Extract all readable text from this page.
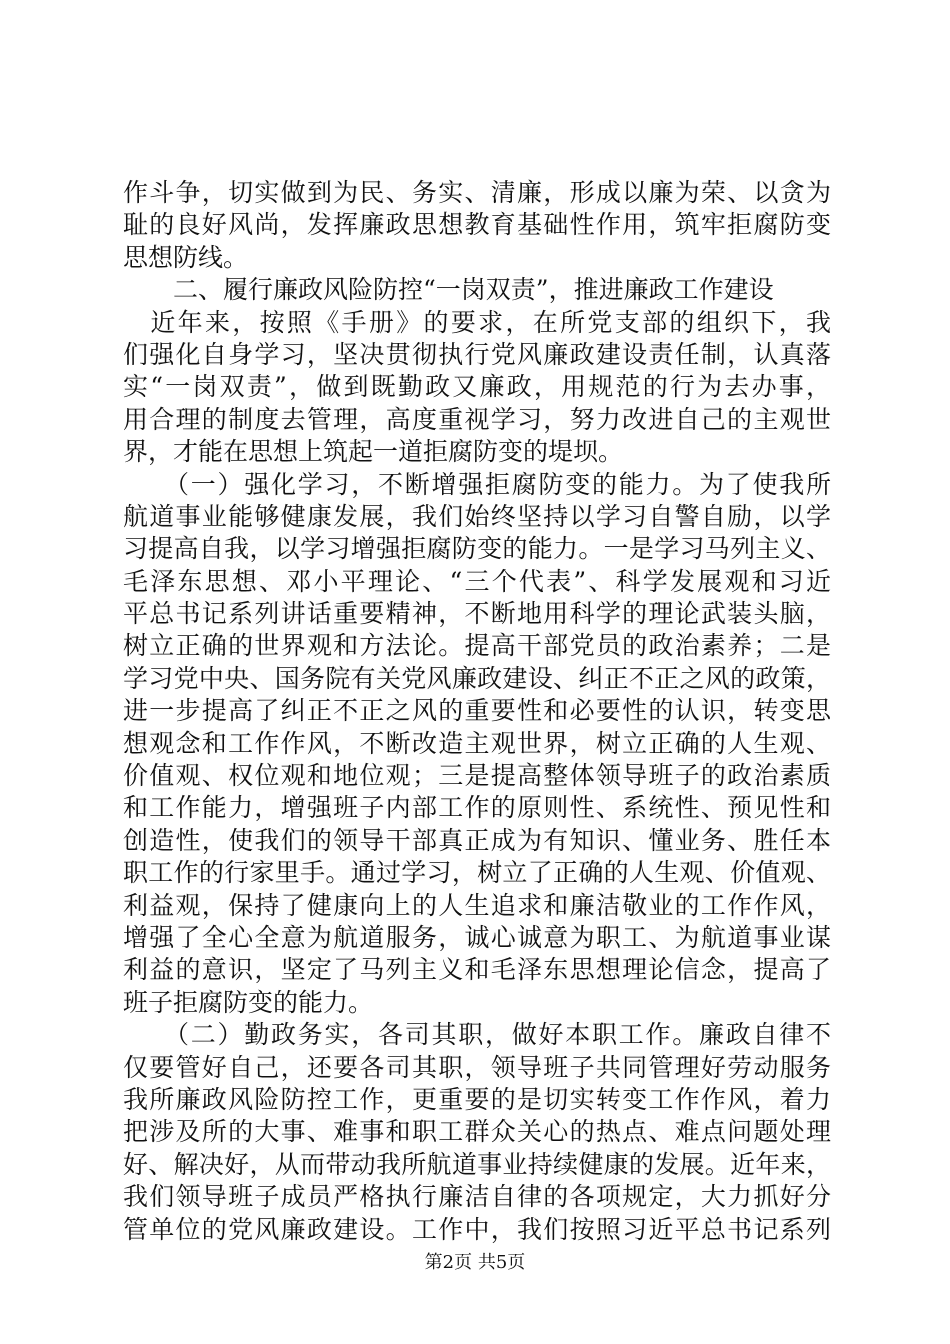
作斗争，切实做到为民、务实、清廉，形成以廉为荣、以贪为
耻的良好风尚，发挥廉政思想教育基础性作用，筑牢拒腐防变
思想防线。
　　二、履行廉政风险防控“一岗双责”，推进廉政工作建设
　近年来，按照《手册》的要求，在所党支部的组织下，我
们强化自身学习，坚决贯彻执行党风廉政建设责任制，认真落
实“一岗双责”，做到既勤政又廉政，用规范的行为去办事，
用合理的制度去管理，高度重视学习，努力改进自己的主观世
界，才能在思想上筑起一道拒腐防变的堤坝。
　　（一）强化学习，不断增强拒腐防变的能力。为了使我所
航道事业能够健康发展，我们始终坚持以学习自警自励，以学
习提高自我，以学习增强拒腐防变的能力。一是学习马列主义、
毛泽东思想、邓小平理论、“三个代表”、科学发展观和习近
平总书记系列讲话重要精神，不断地用科学的理论武装头脑，
树立正确的世界观和方法论。提高干部党员的政治素养；二是
学习党中央、国务院有关党风廉政建设、纠正不正之风的政策，
进一步提高了纠正不正之风的重要性和必要性的认识，转变思
想观念和工作作风，不断改造主观世界，树立正确的人生观、
价值观、权位观和地位观；三是提高整体领导班子的政治素质
和工作能力，增强班子内部工作的原则性、系统性、预见性和
创造性，使我们的领导干部真正成为有知识、懂业务、胜任本
职工作的行家里手。通过学习，树立了正确的人生观、价值观、
利益观，保持了健康向上的人生追求和廉洁敬业的工作作风，
增强了全心全意为航道服务，诚心诚意为职工、为航道事业谋
利益的意识，坚定了马列主义和毛泽东思想理论信念，提高了
班子拒腐防变的能力。
　　（二）勤政务实，各司其职，做好本职工作。廉政自律不
仅要管好自己，还要各司其职，领导班子共同管理好劳动服务
我所廉政风险防控工作，更重要的是切实转变工作作风，着力
把涉及所的大事、难事和职工群众关心的热点、难点问题处理
好、解决好，从而带动我所航道事业持续健康的发展。近年来，
我们领导班子成员严格执行廉洁自律的各项规定，大力抓好分
管单位的党风廉政建设。工作中，我们按照习近平总书记系列
第2页 共5页
